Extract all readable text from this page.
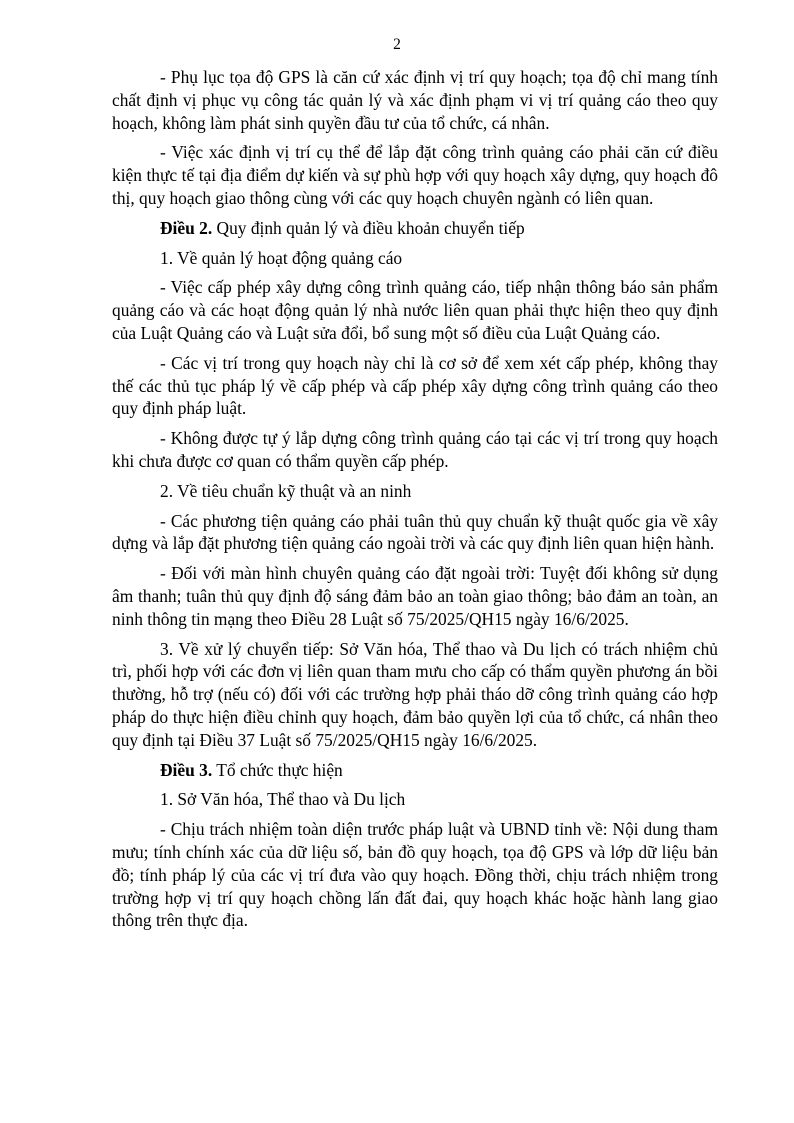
2

- Phụ lục tọa độ GPS là căn cứ xác định vị trí quy hoạch; tọa độ chỉ mang tính chất định vị phục vụ công tác quản lý và xác định phạm vi vị trí quảng cáo theo quy hoạch, không làm phát sinh quyền đầu tư của tổ chức, cá nhân.

- Việc xác định vị trí cụ thể để lắp đặt công trình quảng cáo phải căn cứ điều kiện thực tế tại địa điểm dự kiến và sự phù hợp với quy hoạch xây dựng, quy hoạch đô thị, quy hoạch giao thông cùng với các quy hoạch chuyên ngành có liên quan.

Điều 2. Quy định quản lý và điều khoản chuyển tiếp

1. Về quản lý hoạt động quảng cáo

- Việc cấp phép xây dựng công trình quảng cáo, tiếp nhận thông báo sản phẩm quảng cáo và các hoạt động quản lý nhà nước liên quan phải thực hiện theo quy định của Luật Quảng cáo và Luật sửa đổi, bổ sung một số điều của Luật Quảng cáo.

- Các vị trí trong quy hoạch này chỉ là cơ sở để xem xét cấp phép, không thay thế các thủ tục pháp lý về cấp phép và cấp phép xây dựng công trình quảng cáo theo quy định pháp luật.

- Không được tự ý lắp dựng công trình quảng cáo tại các vị trí trong quy hoạch khi chưa được cơ quan có thẩm quyền cấp phép.

2. Về tiêu chuẩn kỹ thuật và an ninh

- Các phương tiện quảng cáo phải tuân thủ quy chuẩn kỹ thuật quốc gia về xây dựng và lắp đặt phương tiện quảng cáo ngoài trời và các quy định liên quan hiện hành.

- Đối với màn hình chuyên quảng cáo đặt ngoài trời: Tuyệt đối không sử dụng âm thanh; tuân thủ quy định độ sáng đảm bảo an toàn giao thông; bảo đảm an toàn, an ninh thông tin mạng theo Điều 28 Luật số 75/2025/QH15 ngày 16/6/2025.

3. Về xử lý chuyển tiếp: Sở Văn hóa, Thể thao và Du lịch có trách nhiệm chủ trì, phối hợp với các đơn vị liên quan tham mưu cho cấp có thẩm quyền phương án bồi thường, hỗ trợ (nếu có) đối với các trường hợp phải tháo dỡ công trình quảng cáo hợp pháp do thực hiện điều chỉnh quy hoạch, đảm bảo quyền lợi của tổ chức, cá nhân theo quy định tại Điều 37 Luật số 75/2025/QH15 ngày 16/6/2025.

Điều 3. Tổ chức thực hiện

1. Sở Văn hóa, Thể thao và Du lịch

- Chịu trách nhiệm toàn diện trước pháp luật và UBND tỉnh về: Nội dung tham mưu; tính chính xác của dữ liệu số, bản đồ quy hoạch, tọa độ GPS và lớp dữ liệu bản đồ; tính pháp lý của các vị trí đưa vào quy hoạch. Đồng thời, chịu trách nhiệm trong trường hợp vị trí quy hoạch chồng lấn đất đai, quy hoạch khác hoặc hành lang giao thông trên thực địa.
